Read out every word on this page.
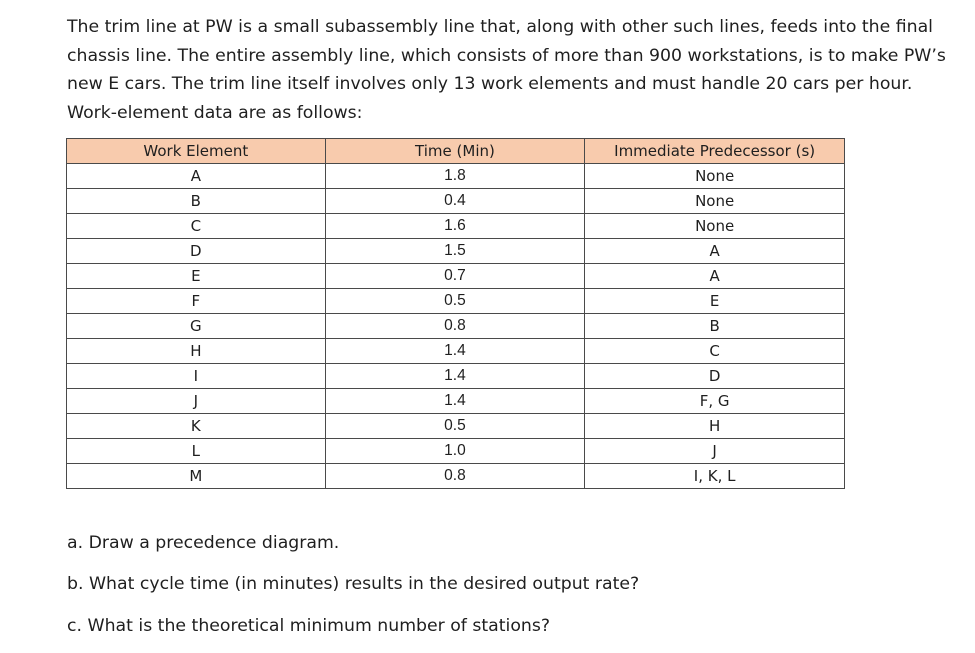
The trim line at PW is a small subassembly line that, along with other such lines, feeds into the final chassis line. The entire assembly line, which consists of more than 900 workstations, is to make PW’s new E cars. The trim line itself involves only 13 work elements and must handle 20 cars per hour. Work-element data are as follows:

Work Element	Time (Min)	Immediate Predecessor (s)
A	1.8	None
B	0.4	None
C	1.6	None
D	1.5	A
E	0.7	A
F	0.5	E
G	0.8	B
H	1.4	C
I	1.4	D
J	1.4	F, G
K	0.5	H
L	1.0	J
M	0.8	I, K, L

a. Draw a precedence diagram.

b. What cycle time (in minutes) results in the desired output rate?

c. What is the theoretical minimum number of stations?
